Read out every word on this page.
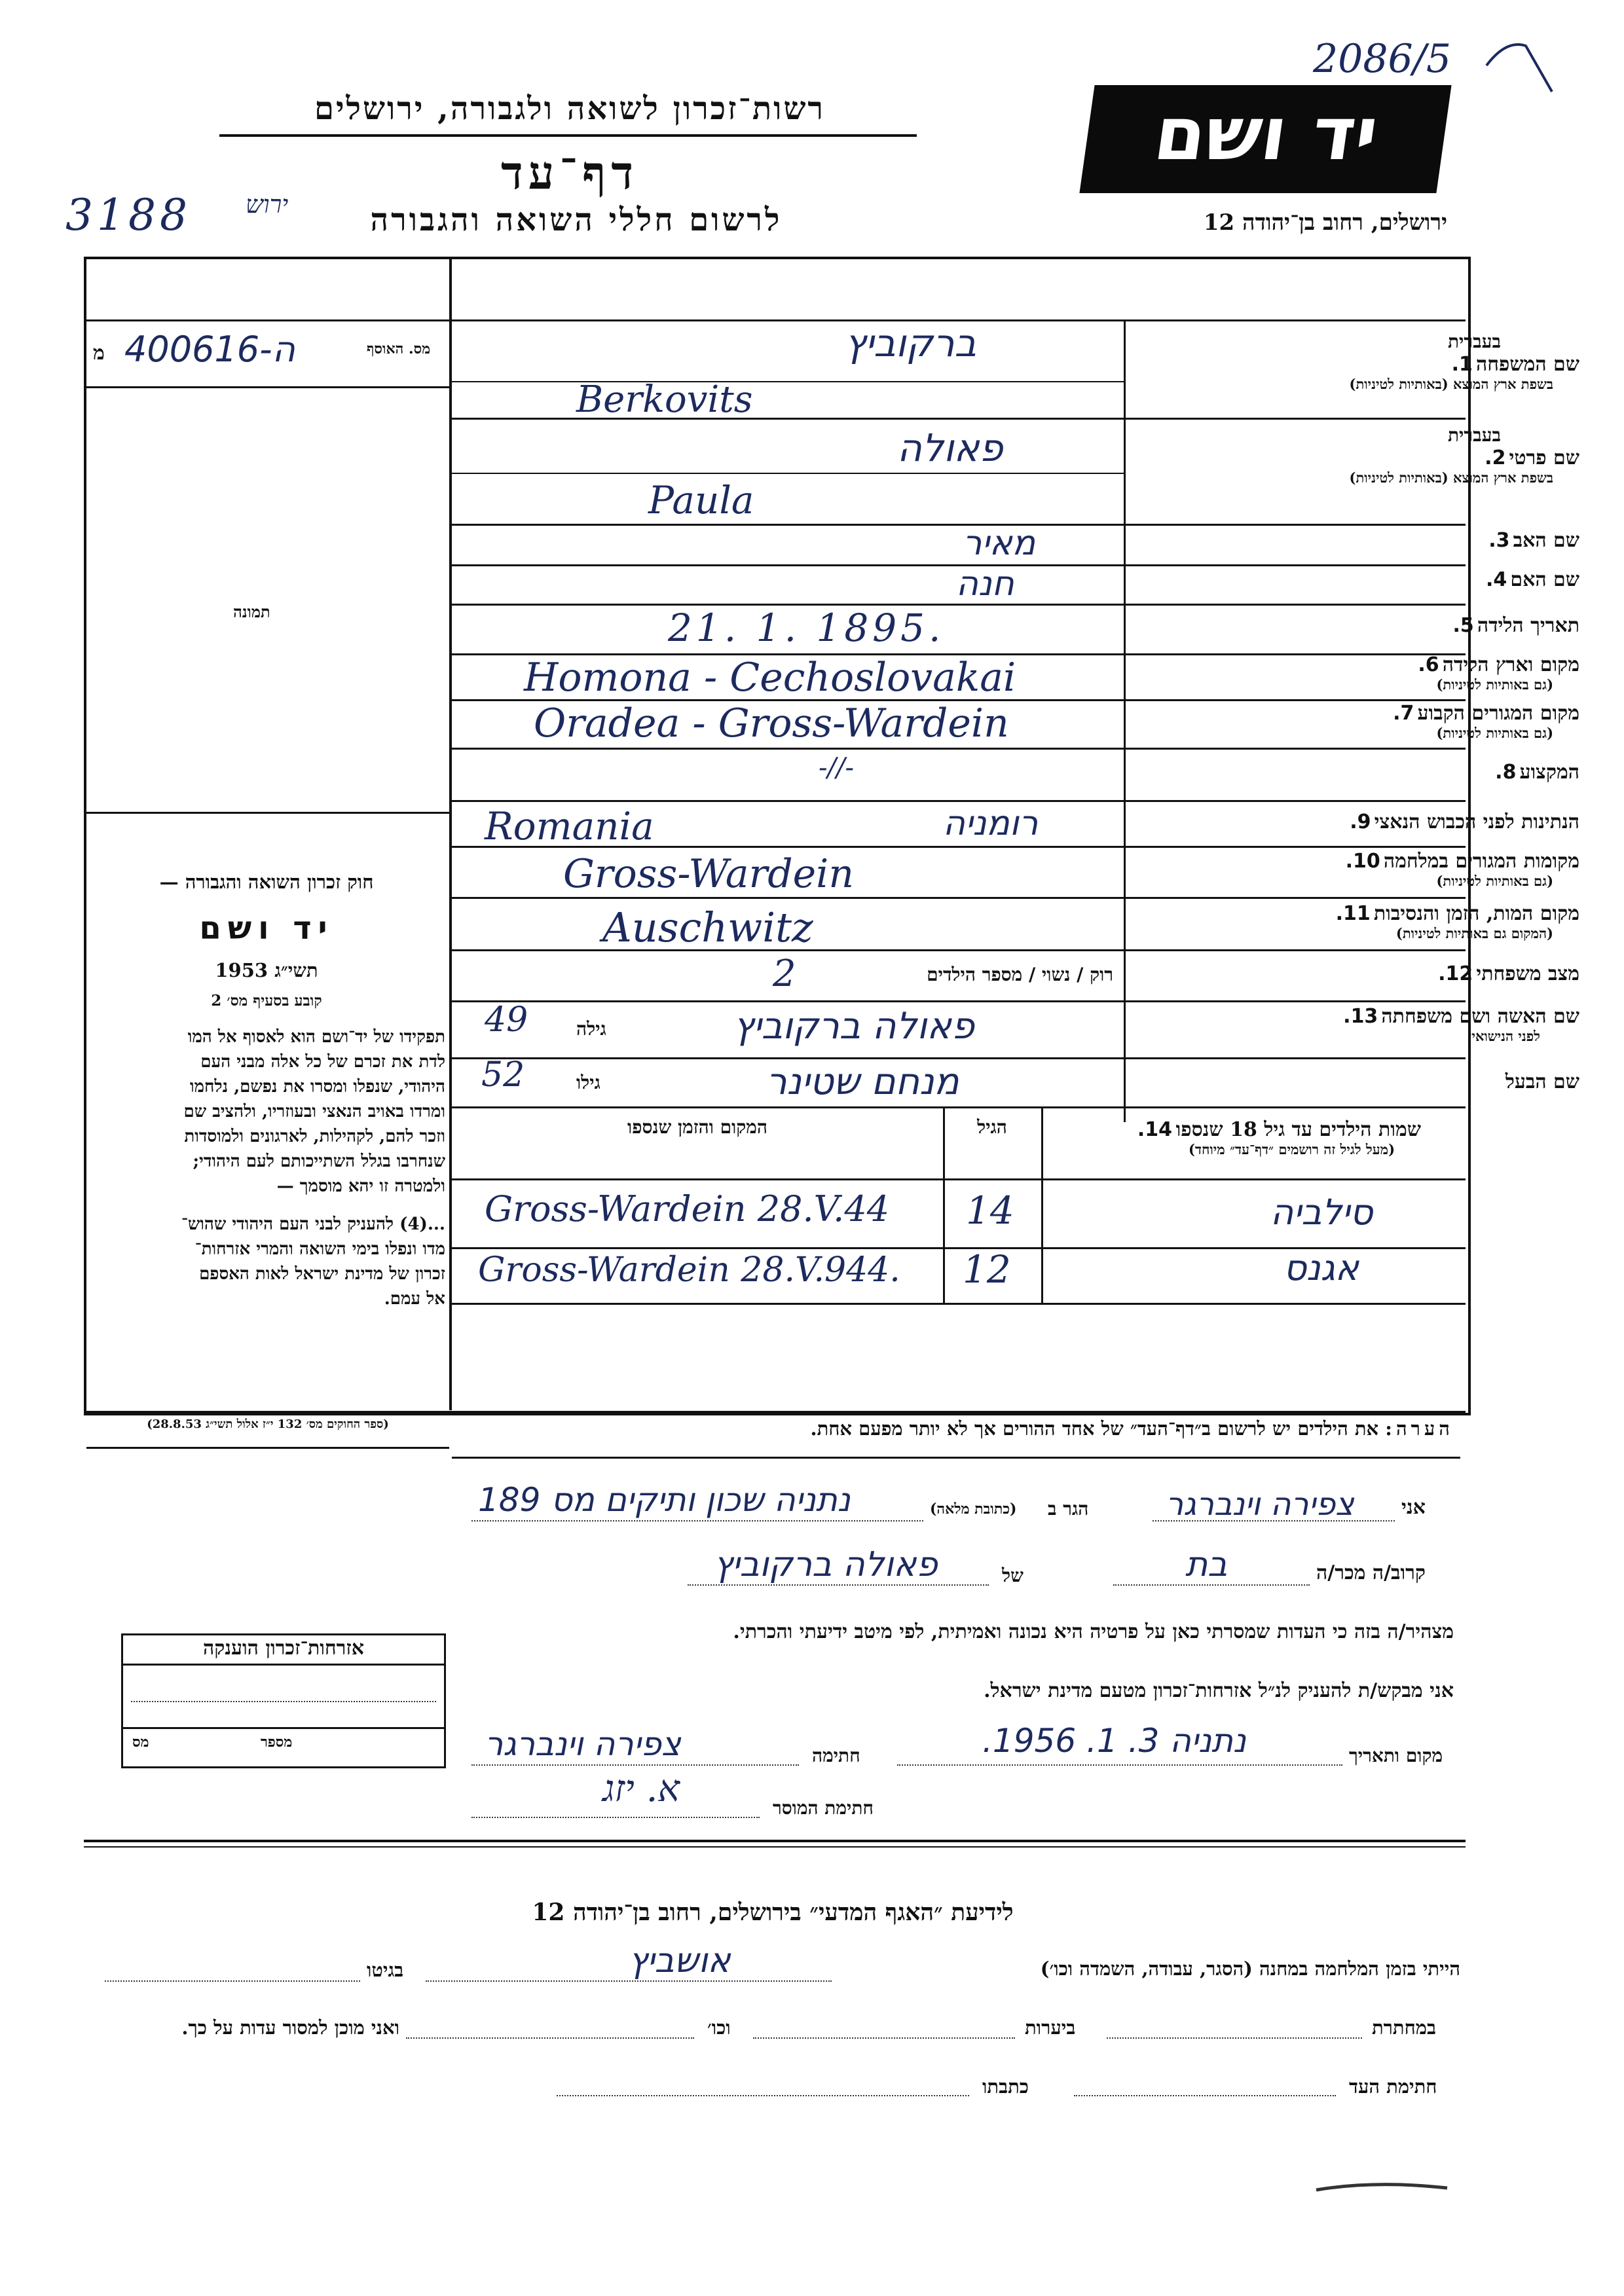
2086/5
יד ושם
רשות־זכרון לשואה ולגבורה, ירושלים
דף־עד
3188 ירוש	לרשום חללי השואה והגבורה	ירושלים, רחוב בן־יהודה 12
מ ה-400616	מס. האוסף
תמונה
חוק זכרון השואה והגבורה —
יד ושם
תשי״ג 1953
קובע בסעיף מס׳ 2
תפקידו של יד־ושם הוא לאסוף אל המו
לדת את זכרם של כל אלה מבני העם
היהודי, שנפלו ומסרו את נפשם, נלחמו
ומרדו באויב הנאצי ובעוזריו, ולהציב שם
וזכר להם, לקהילות, לארגונים ולמוסדות
שנחרבו בגלל השתייכותם לעם היהודי;
ולמטרה זו יהא מוסמך —
...(4) להעניק לבני העם היהודי שהוש־
מדו ונפלו בימי השואה והמרי אזרחות־
זכרון של מדינת ישראל לאות האספם
אל עמם.
(ספר החוקים מס׳ 132 י״ז אלול תשי״ג 28.8.53)
בעברית
שם המשפחה 1.
בשפת ארץ המוצא (באותיות לטיניות)
ברקוביץ
Berkovits
בעברית
שם פרטי 2.
בשפת ארץ המוצא (באותיות לטיניות)
פאולה
Paula
שם האב 3.
מאיר
שם האם 4.
חנה
תאריך הלידה 5.
21. 1. 1895.
מקום וארץ הלידה 6.
(גם באותיות לטיניות)
Homona - Cechoslovakai
מקום המגורים הקבוע 7.
(גם באותיות לטיניות)
Oradea - Gross-Wardein
המקצוע 8.
-//-
הנתינות לפני הכבוש הנאצי 9.
Romania	רומניה
מקומות המגורים במלחמה 10.
(גם באותיות לטיניות)
Gross-Wardein
מקום המות, הזמן והנסיבות 11.
(המקום גם באותיות לטיניות)
Auschwitz
מצב משפחתי 12.
רוק / נשוי / מספר הילדים
2
שם האשה ושם משפחתה 13.
לפני הנישואין
49	גילה	פאולה ברקוביץ
שם הבעל
52	גילו	מנחם שטינר
שמות הילדים עד גיל 18 שנספו 14.
(מעל לגיל זה רושמים ״דף־עד״ מיוחד)
הגיל
המקום והזמן שנספו
Gross-Wardein 28.V.44 14	סילביה
Gross-Wardein 28.V.944. 12	אגנס
הערה: את הילדים יש לרשום ב״דף־העד״ של אחד ההורים אך לא יותר מפעם אחת.
אני
צפירה וינברגר
הגר ב
(כתובת מלאה)
נתניה שכון ותיקים מס 189
קרוב/ה מכר/ה
בת
של
פאולה ברקוביץ
מצהיר/ה בזה כי העדות שמסרתי כאן על פרטיה היא נכונה ואמיתית, לפי מיטב ידיעתי והכרתי.
אני מבקש/ת להעניק לנ״ל אזרחות־זכרון מטעם מדינת ישראל.
מקום ותאריך
נתניה 3. 1. 1956.
חתימה
צפירה וינברגר
חתימת המוסר
א. יזג
אזרחות־זכרון הוענקה
מס	מספר
לידיעת ״האגף המדעי״ בירושלים, רחוב בן־יהודה 12
הייתי בזמן המלחמה במחנה (הסגר, עבודה, השמדה וכו׳)
אושביץ
בגיטו
במחתרת
ביערות
וכו׳
ואני מוכן למסור עדות על כך.
חתימת העד
כתבתו
